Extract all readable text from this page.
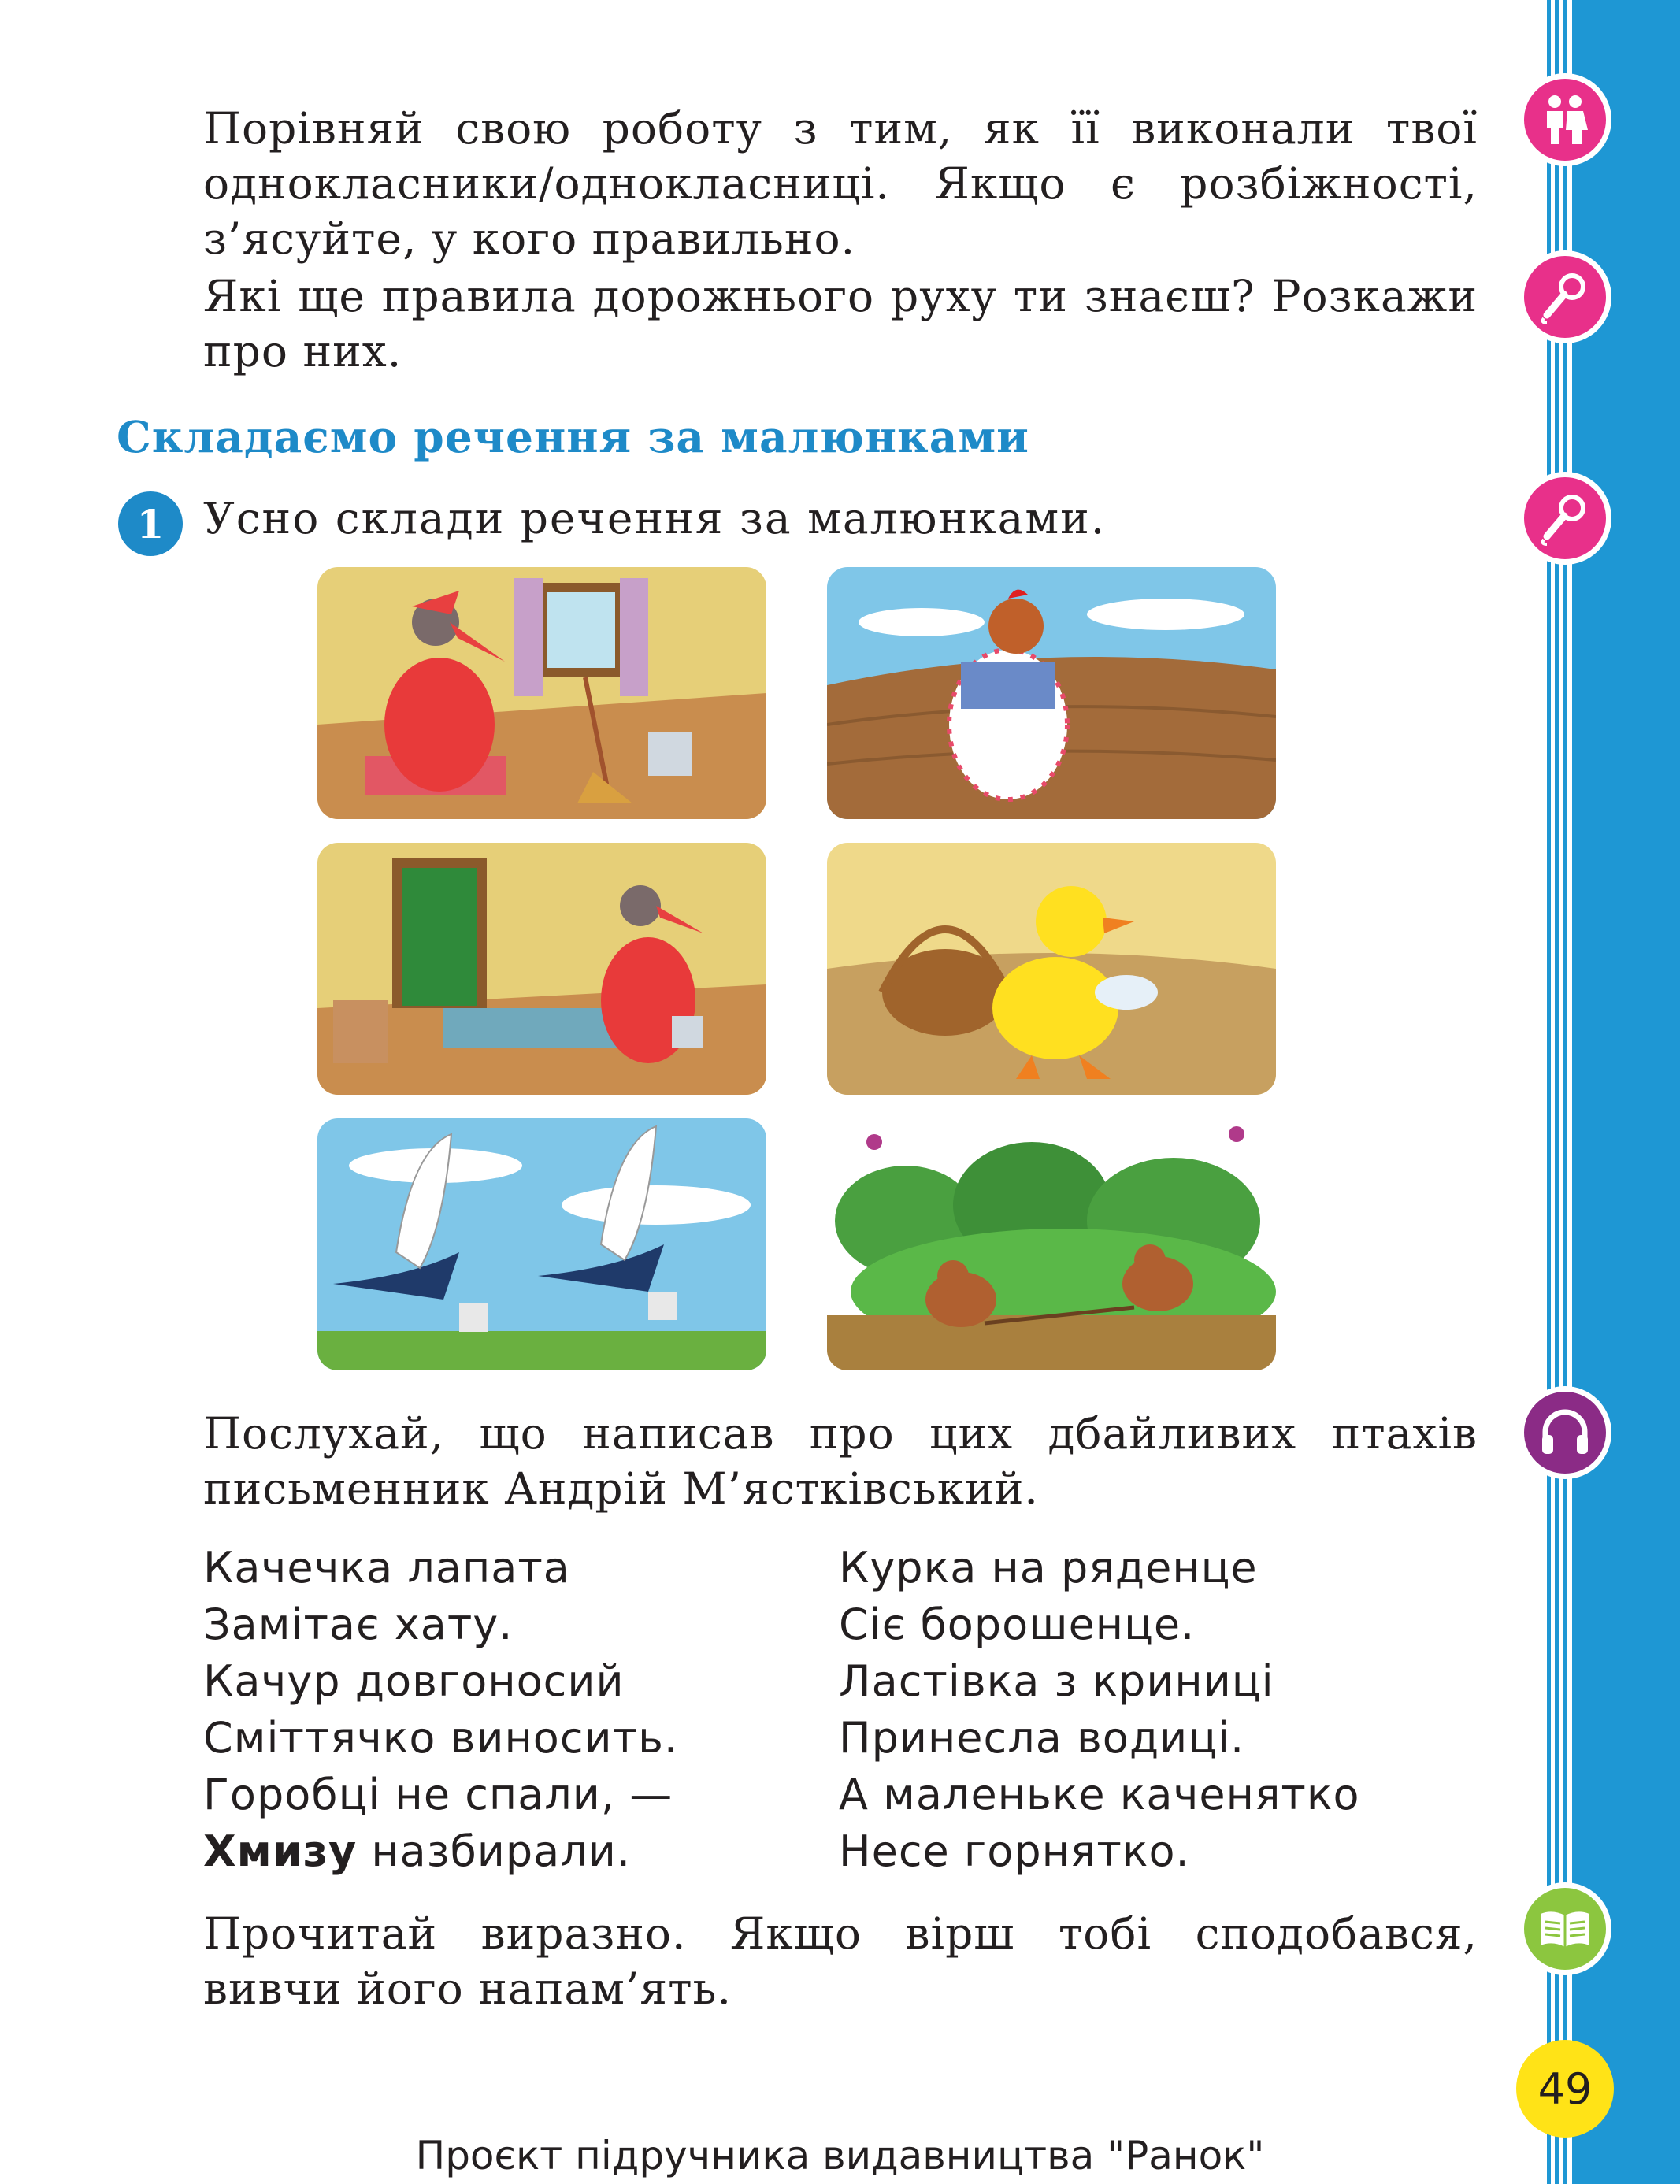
Порівняй свою роботу з тим, як її виконали твої однокласники/однокласниці. Якщо є розбіжності, з’ясуйте, у кого правильно.

Які ще правила дорожнього руху ти знаєш? Розкажи про них.

Складаємо речення за малюнками
1 Усно склади речення за малюнками.

Послухай, що написав про цих дбайливих птахів письменник Андрій М’ястківський.

Качечка лапата
Замітає хату.
Качур довгоносий
Сміттячко виносить.
Горобці не спали, —
Хмизу назбирали.
Курка на ряденце
Сіє борошенце.
Ластівка з криниці
Принесла водиці.
А маленьке каченятко
Несе горнятко.

Прочитай виразно. Якщо вірш тобі сподобався, вивчи його напам’ять.

49
Проєкт підручника видавництва "Ранок"
